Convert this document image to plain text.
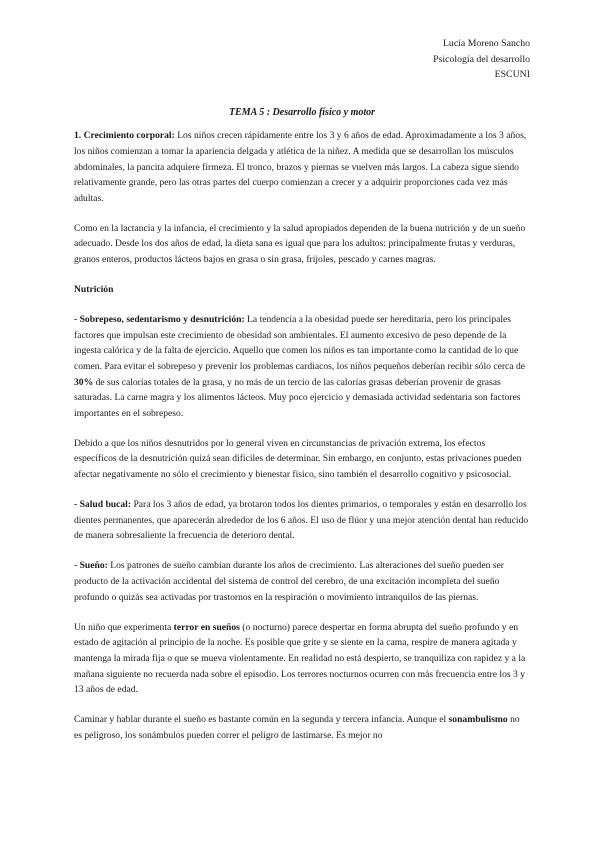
Lucía Moreno Sancho
Psicología del desarrollo
ESCUNI
TEMA 5 : Desarrollo físico y motor

1. Crecimiento corporal: Los niños crecen rápidamente entre los 3 y 6 años de edad. Aproximadamente a los 3 años, los niños comienzan a tomar la apariencia delgada y atlética de la niñez. A medida que se desarrollan los músculos abdominales, la pancita adquiere firmeza. El tronco, brazos y piernas se vuelven más largos. La cabeza sigue siendo relativamente grande, pero las otras partes del cuerpo comienzan a crecer y a adquirir proporciones cada vez más adultas.

Como en la lactancia y la infancia, el crecimiento y la salud apropiados dependen de la buena nutrición y de un sueño adecuado. Desde los dos años de edad, la dieta sana es igual que para los adultos: principalmente frutas y verduras, granos enteros, productos lácteos bajos en grasa o sin grasa, frijoles, pescado y carnes magras.

Nutrición

- Sobrepeso, sedentarismo y desnutrición: La tendencia a la obesidad puede ser hereditaria, pero los principales factores que impulsan este crecimiento de obesidad son ambientales. El aumento excesivo de peso depende de la ingesta calórica y de la falta de ejercicio. Aquello que comen los niños es tan importante como la cantidad de lo que comen. Para evitar el sobrepeso y prevenir los problemas cardiacos, los niños pequeños deberían recibir sólo cerca de 30% de sus calorías totales de la grasa, y no más de un tercio de las calorías grasas deberían provenir de grasas saturadas. La carne magra y los alimentos lácteos. Muy poco ejercicio y demasiada actividad sedentaria son factores importantes en el sobrepeso.

Debido a que los niños desnutridos por lo general viven en circunstancias de privación extrema, los efectos específicos de la desnutrición quizá sean difíciles de determinar. Sin embargo, en conjunto, estas privaciones pueden afectar negativamente no sólo el crecimiento y bienestar físico, sino también el desarrollo cognitivo y psicosocial.

- Salud bucal: Para los 3 años de edad, ya brotaron todos los dientes primarios, o temporales y están en desarrollo los dientes permanentes, que aparecerán alrededor de los 6 años. El uso de flúor y una mejor atención dental han reducido de manera sobresaliente la frecuencia de deterioro dental.

- Sueño: Los patrones de sueño cambian durante los años de crecimiento. Las alteraciones del sueño pueden ser producto de la activación accidental del sistema de control del cerebro, de una excitación incompleta del sueño profundo o quizás sea activadas por trastornos en la respiración o movimiento intranquilos de las piernas.

Un niño que experimenta terror en sueños (o nocturno) parece despertar en forma abrupta del sueño profundo y en estado de agitación al principio de la noche. Es posible que grite y se siente en la cama, respire de manera agitada y mantenga la mirada fija o que se mueva violentamente. En realidad no está despierto, se tranquiliza con rapidez y a la mañana siguiente no recuerda nada sobre el episodio. Los terrores nocturnos ocurren con más frecuencia entre los 3 y 13 años de edad.

Caminar y hablar durante el sueño es bastante común en la segunda y tercera infancia. Aunque el sonambulismo no es peligroso, los sonámbulos pueden correr el peligro de lastimarse. Es mejor no
